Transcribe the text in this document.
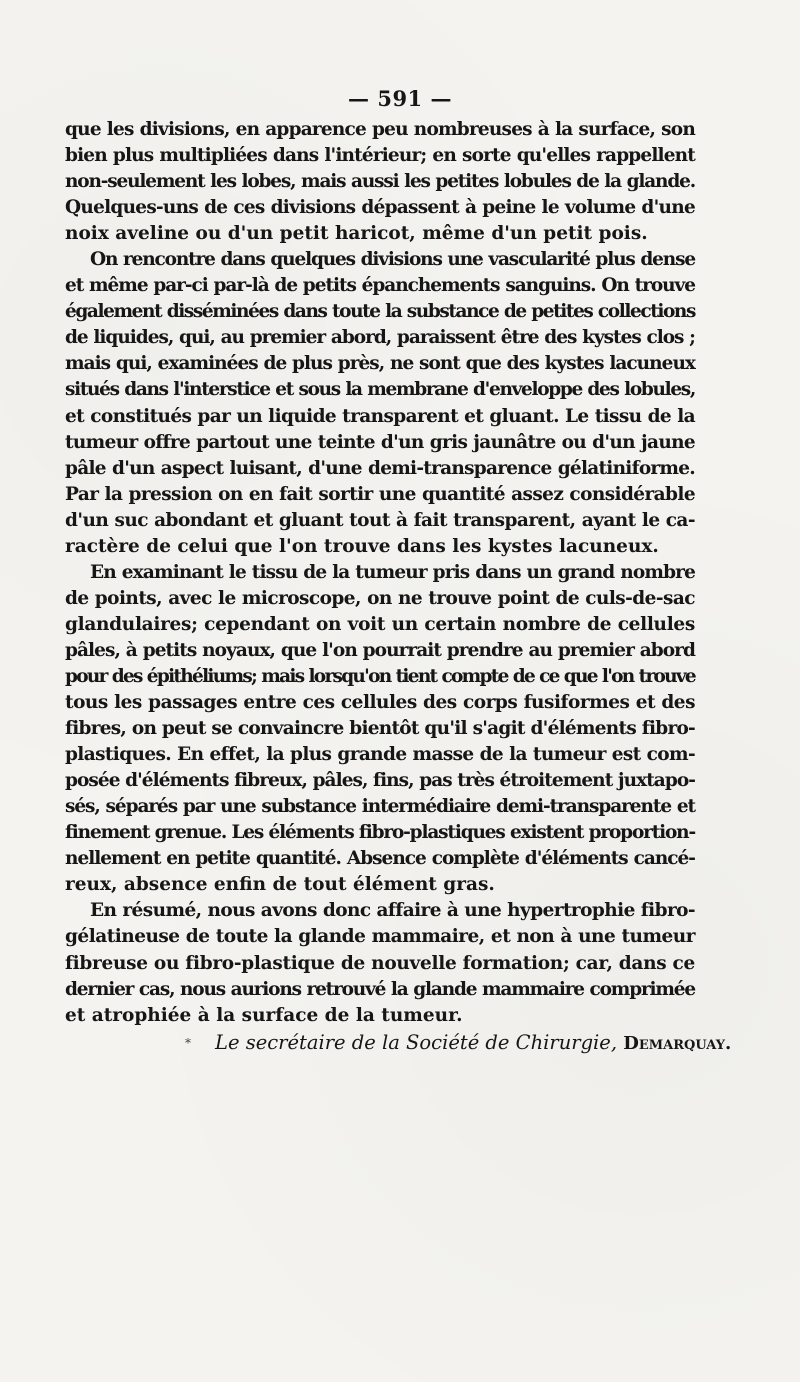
— 591 —
que les divisions, en apparence peu nombreuses à la surface, son
bien plus multipliées dans l'intérieur; en sorte qu'elles rappellent
non-seulement les lobes, mais aussi les petites lobules de la glande.
Quelques-uns de ces divisions dépassent à peine le volume d'une
noix aveline ou d'un petit haricot, même d'un petit pois.
On rencontre dans quelques divisions une vascularité plus dense
et même par-ci par-là de petits épanchements sanguins. On trouve
également disséminées dans toute la substance de petites collections
de liquides, qui, au premier abord, paraissent être des kystes clos ;
mais qui, examinées de plus près, ne sont que des kystes lacuneux
situés dans l'interstice et sous la membrane d'enveloppe des lobules,
et constitués par un liquide transparent et gluant. Le tissu de la
tumeur offre partout une teinte d'un gris jaunâtre ou d'un jaune
pâle d'un aspect luisant, d'une demi-transparence gélatiniforme.
Par la pression on en fait sortir une quantité assez considérable
d'un suc abondant et gluant tout à fait transparent, ayant le ca-
ractère de celui que l'on trouve dans les kystes lacuneux.
En examinant le tissu de la tumeur pris dans un grand nombre
de points, avec le microscope, on ne trouve point de culs-de-sac
glandulaires; cependant on voit un certain nombre de cellules
pâles, à petits noyaux, que l'on pourrait prendre au premier abord
pour des épithéliums; mais lorsqu'on tient compte de ce que l'on trouve
tous les passages entre ces cellules des corps fusiformes et des
fibres, on peut se convaincre bientôt qu'il s'agit d'éléments fibro-
plastiques. En effet, la plus grande masse de la tumeur est com-
posée d'éléments fibreux, pâles, fins, pas très étroitement juxtapo-
sés, séparés par une substance intermédiaire demi-transparente et
finement grenue. Les éléments fibro-plastiques existent proportion-
nellement en petite quantité. Absence complète d'éléments cancé-
reux, absence enfin de tout élément gras.
En résumé, nous avons donc affaire à une hypertrophie fibro-
gélatineuse de toute la glande mammaire, et non à une tumeur
fibreuse ou fibro-plastique de nouvelle formation; car, dans ce
dernier cas, nous aurions retrouvé la glande mammaire comprimée
et atrophiée à la surface de la tumeur.
* Le secrétaire de la Société de Chirurgie, Demarquay.
